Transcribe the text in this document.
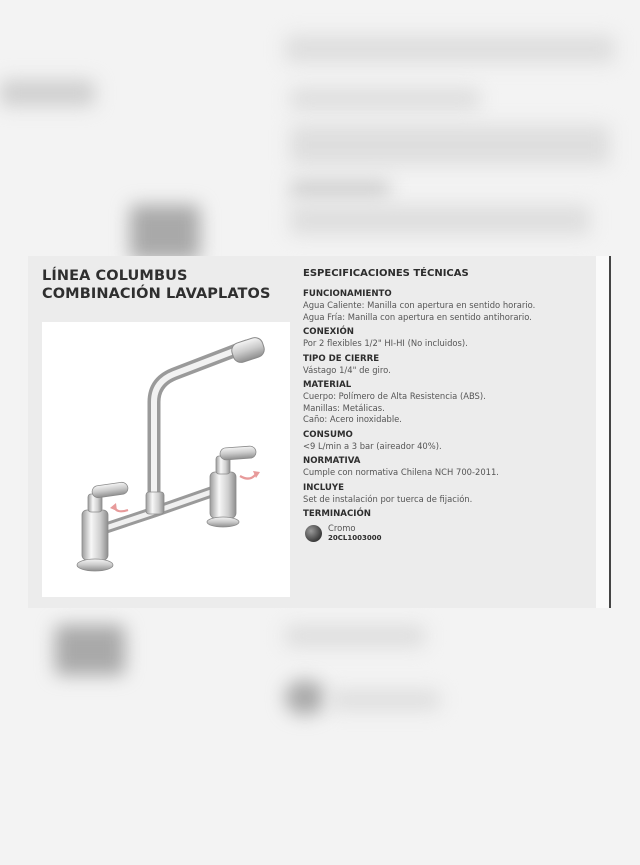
LÍNEA COLUMBUS
COMBINACIÓN LAVAPLATOS
ESPECIFICACIONES TÉCNICAS
FUNCIONAMIENTO
Agua Caliente: Manilla con apertura en sentido horario.
Agua Fría: Manilla con apertura en sentido antihorario.
CONEXIÓN
Por 2 flexibles 1/2" HI-HI (No incluidos).
TIPO DE CIERRE
Vástago 1/4" de giro.
MATERIAL
Cuerpo: Polímero de Alta Resistencia (ABS).
Manillas: Metálicas.
Caño: Acero inoxidable.
CONSUMO
<9 L/min a 3 bar (aireador 40%).
NORMATIVA
Cumple con normativa Chilena NCH 700-2011.
INCLUYE
Set de instalación por tuerca de fijación.
TERMINACIÓN
Cromo
20CL1003000
